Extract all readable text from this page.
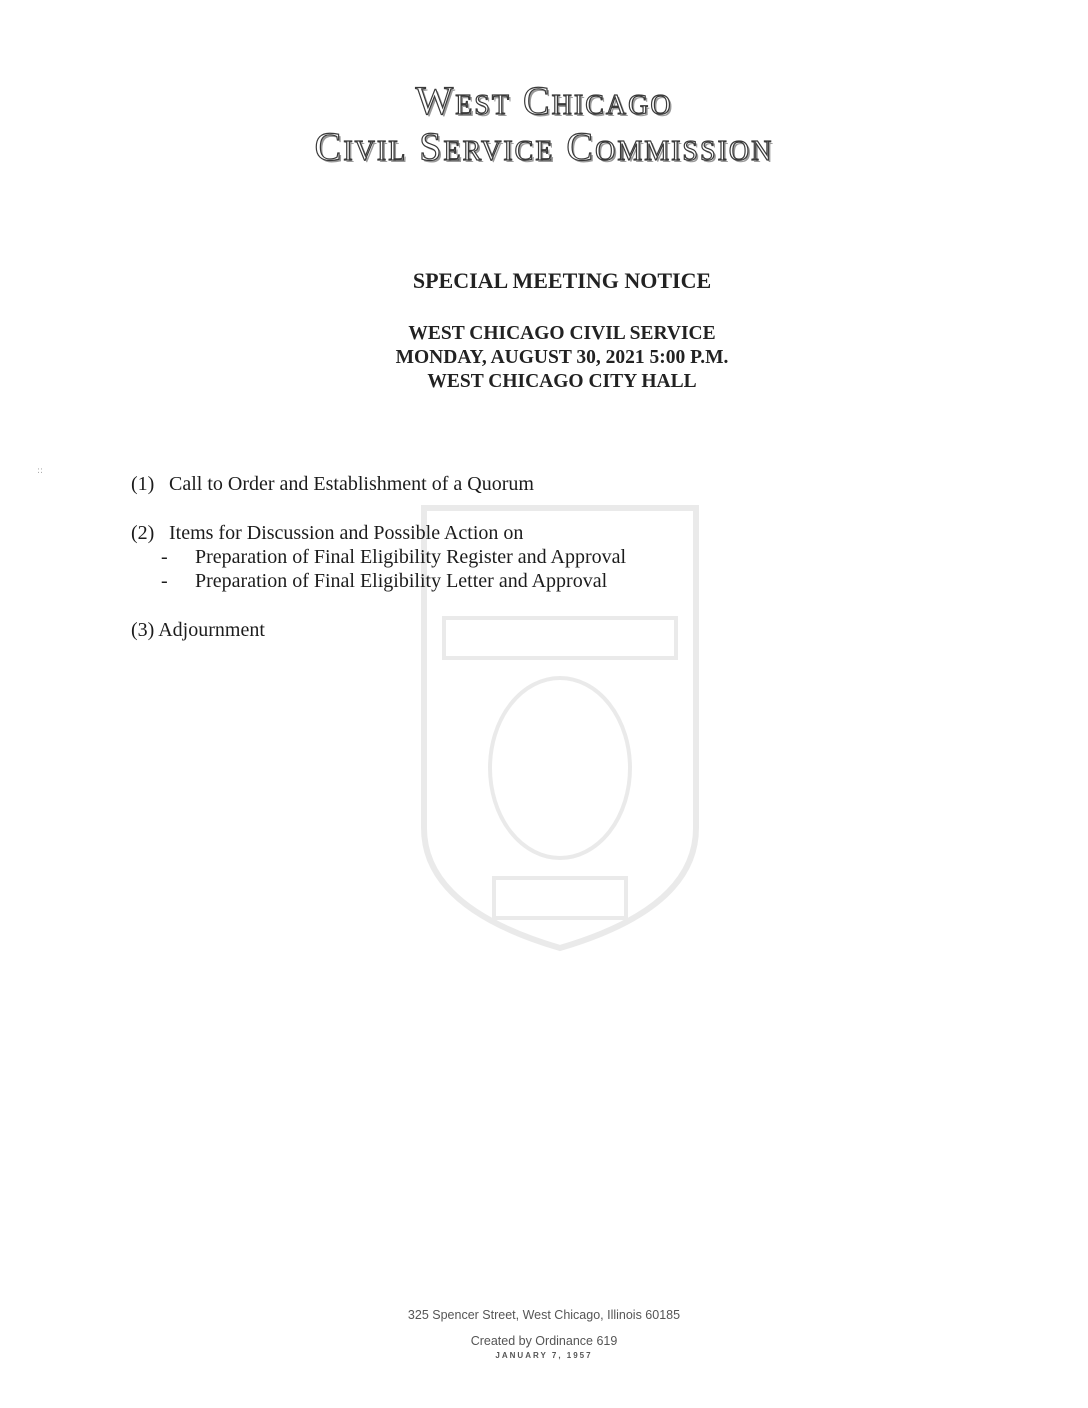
West Chicago
Civil Service Commission
::
SPECIAL MEETING NOTICE
WEST CHICAGO CIVIL SERVICE
MONDAY, AUGUST 30, 2021 5:00 P.M.
WEST CHICAGO CITY HALL
(1) Call to Order and Establishment of a Quorum
(2) Items for Discussion and Possible Action on
- Preparation of Final Eligibility Register and Approval
- Preparation of Final Eligibility Letter and Approval
(3) Adjournment
325 Spencer Street, West Chicago, Illinois 60185
Created by Ordinance 619
JANUARY 7, 1957
